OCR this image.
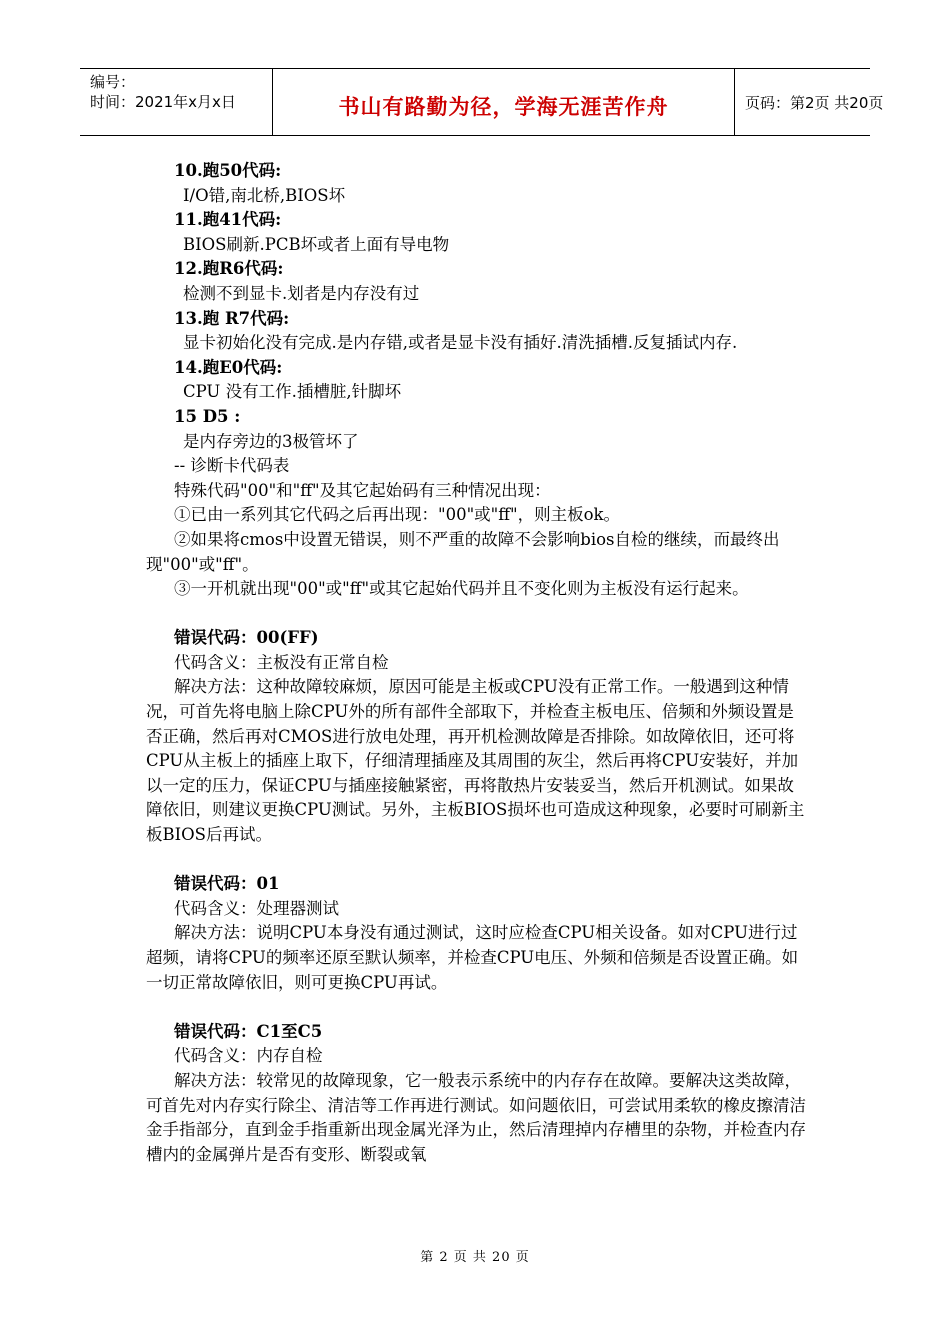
编号：
时间：2021年x月x日	书山有路勤为径，学海无涯苦作舟	页码：第2页 共20页

10.跑50代码:

I/O错,南北桥,BIOS坏

11.跑41代码:

BIOS刷新.PCB坏或者上面有导电物

12.跑R6代码:

检测不到显卡.划者是内存没有过

13.跑 R7代码:

显卡初始化没有完成.是内存错,或者是显卡没有插好.清洗插槽.反复插试内存.

14.跑E0代码:

CPU 没有工作.插槽脏,针脚坏

15 D5 :

是内存旁边的3极管坏了

-- 诊断卡代码表

特殊代码"00"和"ff"及其它起始码有三种情况出现：

①已由一系列其它代码之后再出现："00"或"ff"，则主板ok。

②如果将cmos中设置无错误，则不严重的故障不会影响bios自检的继续，而最终出现"00"或"ff"。

③一开机就出现"00"或"ff"或其它起始代码并且不变化则为主板没有运行起来。

错误代码：00(FF)

代码含义：主板没有正常自检

解决方法：这种故障较麻烦，原因可能是主板或CPU没有正常工作。一般遇到这种情况，可首先将电脑上除CPU外的所有部件全部取下，并检查主板电压、倍频和外频设置是否正确，然后再对CMOS进行放电处理，再开机检测故障是否排除。如故障依旧，还可将CPU从主板上的插座上取下，仔细清理插座及其周围的灰尘，然后再将CPU安装好，并加以一定的压力，保证CPU与插座接触紧密，再将散热片安装妥当，然后开机测试。如果故障依旧，则建议更换CPU测试。另外，主板BIOS损坏也可造成这种现象，必要时可刷新主板BIOS后再试。

错误代码：01

代码含义：处理器测试

解决方法：说明CPU本身没有通过测试，这时应检查CPU相关设备。如对CPU进行过超频，请将CPU的频率还原至默认频率，并检查CPU电压、外频和倍频是否设置正确。如一切正常故障依旧，则可更换CPU再试。

错误代码：C1至C5

代码含义：内存自检

解决方法：较常见的故障现象，它一般表示系统中的内存存在故障。要解决这类故障，可首先对内存实行除尘、清洁等工作再进行测试。如问题依旧，可尝试用柔软的橡皮擦清洁金手指部分，直到金手指重新出现金属光泽为止，然后清理掉内存槽里的杂物，并检查内存槽内的金属弹片是否有变形、断裂或氧

第 2 页 共 20 页
